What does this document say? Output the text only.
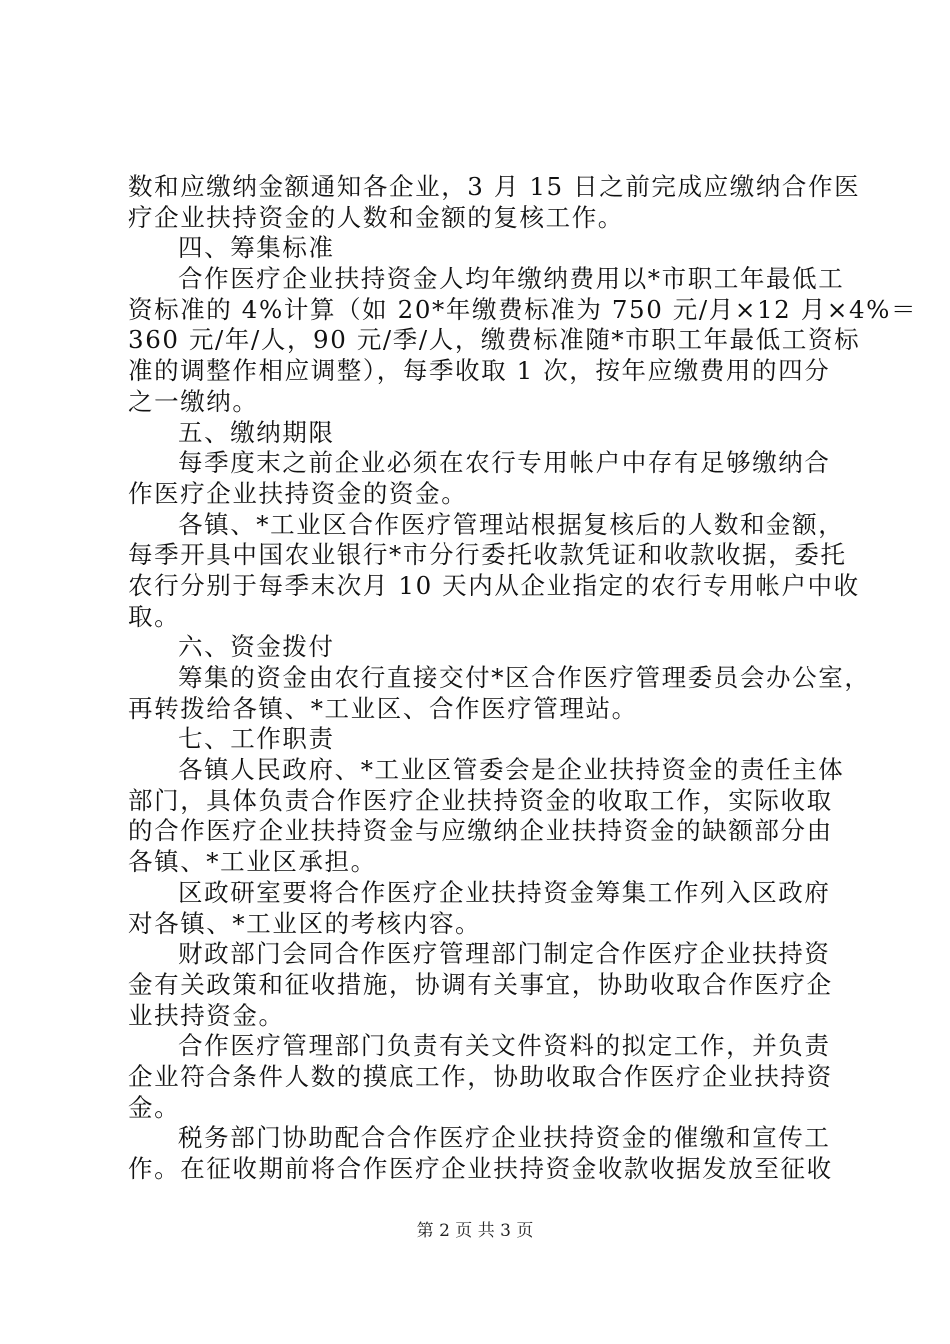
数和应缴纳金额通知各企业，3 月 15 日之前完成应缴纳合作医
疗企业扶持资金的人数和金额的复核工作。
四、筹集标准
合作医疗企业扶持资金人均年缴纳费用以*市职工年最低工
资标准的 4%计算（如 20*年缴费标准为 750 元/月×12 月×4%＝
360 元/年/人，90 元/季/人，缴费标准随*市职工年最低工资标
准的调整作相应调整），每季收取 1 次，按年应缴费用的四分
之一缴纳。
五、缴纳期限
每季度末之前企业必须在农行专用帐户中存有足够缴纳合
作医疗企业扶持资金的资金。
各镇、*工业区合作医疗管理站根据复核后的人数和金额，
每季开具中国农业银行*市分行委托收款凭证和收款收据，委托
农行分别于每季末次月 10 天内从企业指定的农行专用帐户中收
取。
六、资金拨付
筹集的资金由农行直接交付*区合作医疗管理委员会办公室，
再转拨给各镇、*工业区、合作医疗管理站。
七、工作职责
各镇人民政府、*工业区管委会是企业扶持资金的责任主体
部门，具体负责合作医疗企业扶持资金的收取工作，实际收取
的合作医疗企业扶持资金与应缴纳企业扶持资金的缺额部分由
各镇、*工业区承担。
区政研室要将合作医疗企业扶持资金筹集工作列入区政府
对各镇、*工业区的考核内容。
财政部门会同合作医疗管理部门制定合作医疗企业扶持资
金有关政策和征收措施，协调有关事宜，协助收取合作医疗企
业扶持资金。
合作医疗管理部门负责有关文件资料的拟定工作，并负责
企业符合条件人数的摸底工作，协助收取合作医疗企业扶持资
金。
税务部门协助配合合作医疗企业扶持资金的催缴和宣传工
作。在征收期前将合作医疗企业扶持资金收款收据发放至征收
第 2 页 共 3 页
